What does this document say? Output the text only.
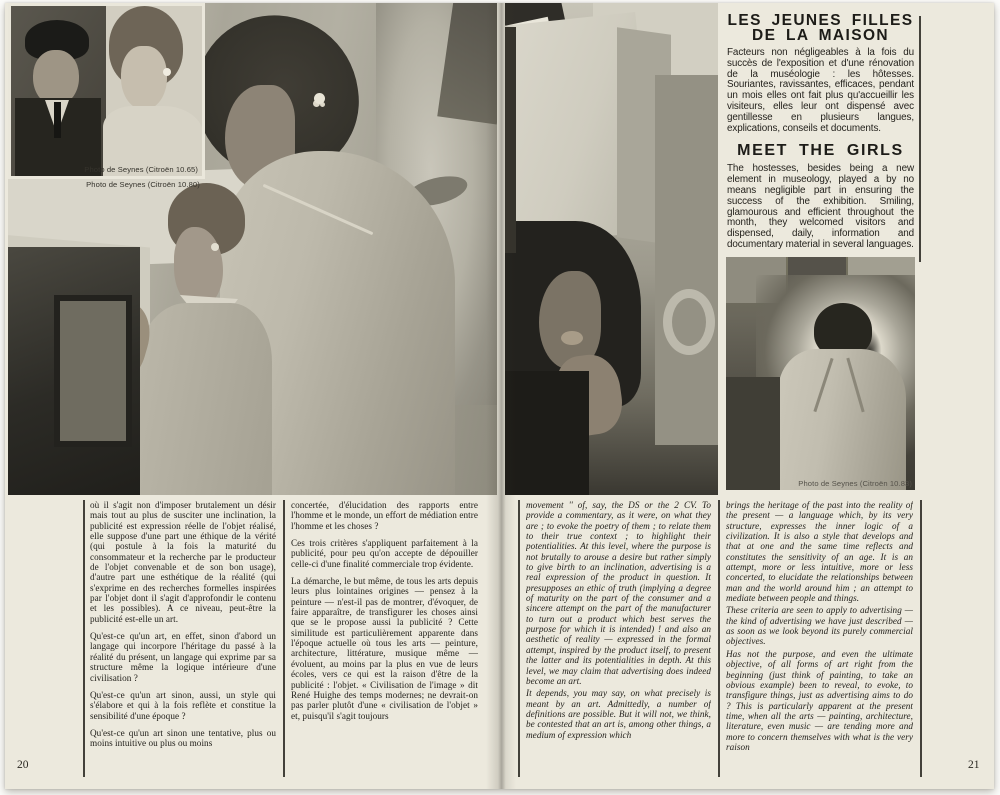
Photo de Seynes (Citroën 10.65)
Photo de Seynes (Citroën 10.80)
LES JEUNES FILLES
DE LA MAISON
Facteurs non négligeables à la fois du succès de l'exposition et d'une rénovation de la muséologie : les hôtesses. Souriantes, ravissantes, efficaces, pendant un mois elles ont fait plus qu'accueillir les visiteurs, elles leur ont dispensé avec gentillesse en plusieurs langues, explications, conseils et documents.
MEET THE GIRLS
The hostesses, besides being a new element in museology, played a by no means negligible part in ensuring the success of the exhibition. Smiling, glamourous and efficient throughout the month, they welcomed visitors and dispensed, daily, information and documentary material in several languages.
Photo de Seynes (Citroën 10.83)

où il s'agit non d'imposer brutalement un désir mais tout au plus de susciter une inclination, la publicité est expression réelle de l'objet réalisé, elle suppose d'une part une éthique de la vérité (qui postule à la fois la maturité du consommateur et la recherche par le producteur de l'objet convenable et de son bon usage), d'autre part une esthétique de la réalité (qui s'exprime en des recherches formelles inspirées par l'objet dont il s'agit d'approfondir le contenu et les possibles). A ce niveau, peut-être la publicité est-elle un art.

Qu'est-ce qu'un art, en effet, sinon d'abord un langage qui incorpore l'héritage du passé à la réalité du présent, un langage qui exprime par sa structure même la logique intérieure d'une civilisation ?

Qu'est-ce qu'un art sinon, aussi, un style qui s'élabore et qui à la fois reflète et constitue la sensibilité d'une époque ?

Qu'est-ce qu'un art sinon une tentative, plus ou moins intuitive ou plus ou moins

concertée, d'élucidation des rapports entre l'homme et le monde, un effort de médiation entre l'homme et les choses ?

Ces trois critères s'appliquent parfaitement à la publicité, pour peu qu'on accepte de dépouiller celle-ci d'une finalité commerciale trop évidente.

La démarche, le but même, de tous les arts depuis leurs plus lointaines origines — pensez à la peinture — n'est-il pas de montrer, d'évoquer, de faire apparaître, de transfigurer les choses ainsi que se le propose aussi la publicité ? Cette similitude est particulièrement apparente dans l'époque actuelle où tous les arts — peinture, architecture, littérature, musique même — évoluent, au moins par la plus en vue de leurs écoles, vers ce qui est la raison d'être de la publicité : l'objet. « Civilisation de l'image » dit René Huighe des temps modernes; ne devrait-on pas parler plutôt d'une « civilisation de l'objet » et, puisqu'il s'agit toujours

20

movement '' of, say, the DS or the 2 CV. To provide a commentary, as it were, on what they are ; to evoke the poetry of them ; to relate them to their true context ; to highlight their potentialities. At this level, where the purpose is not brutally to arouse a desire but rather simply to give birth to an inclination, advertising is a real expression of the product in question. It presupposes an ethic of truth (implying a degree of maturity on the part of the consumer and a sincere attempt on the part of the manufacturer to turn out a product which best serves the purpose for which it is intended) ! and also an aesthetic of reality — expressed in the formal attempt, inspired by the product itself, to present the latter and its potentialities in depth. At this level, we may claim that advertising does indeed become an art.

It depends, you may say, on what precisely is meant by an art. Admittedly, a number of definitions are possible. But it will not, we think, be contested that an art is, among other things, a medium of expression which

brings the heritage of the past into the reality of the present — a language which, by its very structure, expresses the inner logic of a civilization. It is also a style that develops and that at one and the same time reflects and constitutes the sensitivity of an age. It is an attempt, more or less intuitive, more or less concerted, to elucidate the relationships between man and the world around him ; an attempt to mediate between people and things.

These criteria are seen to apply to advertising — the kind of advertising we have just described — as soon as we look beyond its purely commercial objectives.

Has not the purpose, and even the ultimate objective, of all forms of art right from the beginning (just think of painting, to take an obvious example) been to reveal, to evoke, to transfigure things, just as advertising aims to do ? This is particularly apparent at the present time, when all the arts — painting, architecture, literature, even music — are tending more and more to concern themselves with what is the very raison

21
